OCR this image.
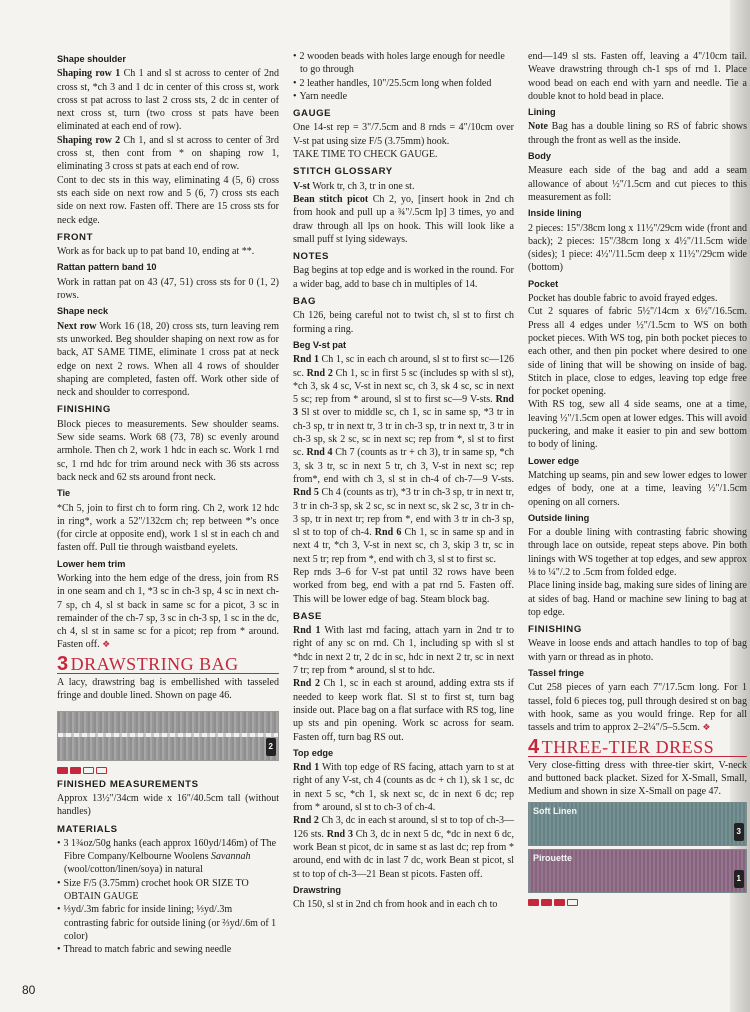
Shape shoulder

Shaping row 1 Ch 1 and sl st across to center of 2nd cross st, *ch 3 and 1 dc in center of this cross st, work cross st pat across to last 2 cross sts, 2 dc in center of next cross st, turn (two cross st pats have been eliminated at each end of row).

Shaping row 2 Ch 1, and sl st across to center of 3rd cross st, then cont from * on shaping row 1, eliminating 3 cross st pats at each end of row.

Cont to dec sts in this way, eliminating 4 (5, 6) cross sts each side on next row and 5 (6, 7) cross sts each side on next row. Fasten off. There are 15 cross sts for neck edge.

FRONT

Work as for back up to pat band 10, ending at **.

Rattan pattern band 10

Work in rattan pat on 43 (47, 51) cross sts for 0 (1, 2) rows.

Shape neck

Next row Work 16 (18, 20) cross sts, turn leaving rem sts unworked. Beg shoulder shaping on next row as for back, AT SAME TIME, eliminate 1 cross pat at neck edge on next 2 rows. When all 4 rows of shoulder shaping are completed, fasten off. Work other side of neck and shoulder to correspond.

FINISHING

Block pieces to measurements. Sew shoulder seams. Sew side seams. Work 68 (73, 78) sc evenly around armhole. Then ch 2, work 1 hdc in each sc. Work 1 rnd sc, 1 rnd hdc for trim around neck with 36 sts across back neck and 62 sts around front neck.

Tie

*Ch 5, join to first ch to form ring. Ch 2, work 12 hdc in ring*, work a 52"/132cm ch; rep between *'s once (for circle at opposite end), work 1 sl st in each ch and fasten off. Pull tie through waistband eyelets.

Lower hem trim

Working into the hem edge of the dress, join from RS in one seam and ch 1, *3 sc in ch-3 sp, 4 sc in next ch-7 sp, ch 4, sl st back in same sc for a picot, 3 sc in remainder of the ch-7 sp, 3 sc in ch-3 sp, 1 sc in the dc, ch 4, sl st in same sc for a picot; rep from * around. Fasten off. ❖

3 DRAWSTRING BAG

A lacy, drawstring bag is embellished with tasseled fringe and double lined. Shown on page 46.

2
FINISHED MEASUREMENTS

Approx 13½"/34cm wide x 16"/40.5cm tall (without handles)

MATERIALS
• 3 1¾oz/50g hanks (each approx 160yd/146m) of The Fibre Company/Kelbourne Woolens Savannah (wool/cotton/linen/soya) in natural
• Size F/5 (3.75mm) crochet hook OR SIZE TO OBTAIN GAUGE
• ⅓yd/.3m fabric for inside lining; ⅓yd/.3m contrasting fabric for outside lining (or ⅔yd/.6m of 1 color)
• Thread to match fabric and sewing needle
• 2 wooden beads with holes large enough for needle to go through
• 2 leather handles, 10"/25.5cm long when folded
• Yarn needle
GAUGE

One 14-st rep = 3"/7.5cm and 8 rnds = 4"/10cm over V-st pat using size F/5 (3.75mm) hook.

TAKE TIME TO CHECK GAUGE.

STITCH GLOSSARY

V-st Work tr, ch 3, tr in one st.

Bean stitch picot Ch 2, yo, [insert hook in 2nd ch from hook and pull up a ¾"/.5cm lp] 3 times, yo and draw through all lps on hook. This will look like a small puff st lying sideways.

NOTES

Bag begins at top edge and is worked in the round. For a wider bag, add to base ch in multiples of 14.

BAG

Ch 126, being careful not to twist ch, sl st to first ch forming a ring.

Beg V-st pat

Rnd 1 Ch 1, sc in each ch around, sl st to first sc—126 sc. Rnd 2 Ch 1, sc in first 5 sc (includes sp with sl st), *ch 3, sk 4 sc, V-st in next sc, ch 3, sk 4 sc, sc in next 5 sc; rep from * around, sl st to first sc—9 V-sts. Rnd 3 Sl st over to middle sc, ch 1, sc in same sp, *3 tr in ch-3 sp, tr in next tr, 3 tr in ch-3 sp, tr in next tr, 3 tr in ch-3 sp, sk 2 sc, sc in next sc; rep from *, sl st to first sc. Rnd 4 Ch 7 (counts as tr + ch 3), tr in same sp, *ch 3, sk 3 tr, sc in next 5 tr, ch 3, V-st in next sc; rep from*, end with ch 3, sl st in ch-4 of ch-7—9 V-sts. Rnd 5 Ch 4 (counts as tr), *3 tr in ch-3 sp, tr in next tr, 3 tr in ch-3 sp, sk 2 sc, sc in next sc, sk 2 sc, 3 tr in ch-3 sp, tr in next tr; rep from *, end with 3 tr in ch-3 sp, sl st to top of ch-4. Rnd 6 Ch 1, sc in same sp and in next 4 tr, *ch 3, V-st in next sc, ch 3, skip 3 tr, sc in next 5 tr; rep from *, end with ch 3, sl st to first sc.

Rep rnds 3–6 for V-st pat until 32 rows have been worked from beg, end with a pat rnd 5. Fasten off. This will be lower edge of bag. Steam block bag.

BASE

Rnd 1 With last rnd facing, attach yarn in 2nd tr to right of any sc on rnd. Ch 1, including sp with sl st *hdc in next 2 tr, 2 dc in sc, hdc in next 2 tr, sc in next 7 tr; rep from * around, sl st to hdc.

Rnd 2 Ch 1, sc in each st around, adding extra sts if needed to keep work flat. Sl st to first st, turn bag inside out. Place bag on a flat surface with RS tog, line up sts and pin opening. Work sc across for seam. Fasten off, turn bag RS out.

Top edge

Rnd 1 With top edge of RS facing, attach yarn to st at right of any V-st, ch 4 (counts as dc + ch 1), sk 1 sc, dc in next 5 sc, *ch 1, sk next sc, dc in next 6 dc; rep from * around, sl st to ch-3 of ch-4.

Rnd 2 Ch 3, dc in each st around, sl st to top of ch-3—126 sts. Rnd 3 Ch 3, dc in next 5 dc, *dc in next 6 dc, work Bean st picot, dc in same st as last dc; rep from * around, end with dc in last 7 dc, work Bean st picot, sl st to top of ch-3—21 Bean st picots. Fasten off.

Drawstring

Ch 150, sl st in 2nd ch from hook and in each ch to

end—149 sl sts. Fasten off, leaving a 4"/10cm tail. Weave drawstring through ch-1 sps of rnd 1. Place wood bead on each end with yarn and needle. Tie a double knot to hold bead in place.

Lining

Note Bag has a double lining so RS of fabric shows through the front as well as the inside.

Body

Measure each side of the bag and add a seam allowance of about ½"/1.5cm and cut pieces to this measurement as foll:

Inside lining

2 pieces: 15"/38cm long x 11½"/29cm wide (front and back); 2 pieces: 15"/38cm long x 4½"/11.5cm wide (sides); 1 piece: 4½"/11.5cm deep x 11½"/29cm wide (bottom)

Pocket

Pocket has double fabric to avoid frayed edges.

Cut 2 squares of fabric 5½"/14cm x 6½"/16.5cm. Press all 4 edges under ½"/1.5cm to WS on both pocket pieces. With WS tog, pin both pocket pieces to each other, and then pin pocket where desired to one side of lining that will be showing on inside of bag. Stitch in place, close to edges, leaving top edge free for pocket opening.

With RS tog, sew all 4 side seams, one at a time, leaving ½"/1.5cm open at lower edges. This will avoid puckering, and make it easier to pin and sew bottom to body of lining.

Lower edge

Matching up seams, pin and sew lower edges to lower edges of body, one at a time, leaving ½"/1.5cm opening on all corners.

Outside lining

For a double lining with contrasting fabric showing through lace on outside, repeat steps above. Pin both linings with WS together at top edges, and sew approx ⅛ to ¼"/.2 to .5cm from folded edge.

Place lining inside bag, making sure sides of lining are at sides of bag. Hand or machine sew lining to bag at top edge.

FINISHING

Weave in loose ends and attach handles to top of bag with yarn or thread as in photo.

Tassel fringe

Cut 258 pieces of yarn each 7"/17.5cm long. For 1 tassel, fold 6 pieces tog, pull through desired st on bag with hook, same as you would fringe. Rep for all tassels and trim to approx 2–2¼"/5–5.5cm. ❖

4 THREE-TIER DRESS

Very close-fitting dress with three-tier skirt, V-neck and buttoned back placket. Sized for X-Small, Small, Medium and shown in size X-Small on page 47.

Soft Linen
3
Pirouette
1
80
